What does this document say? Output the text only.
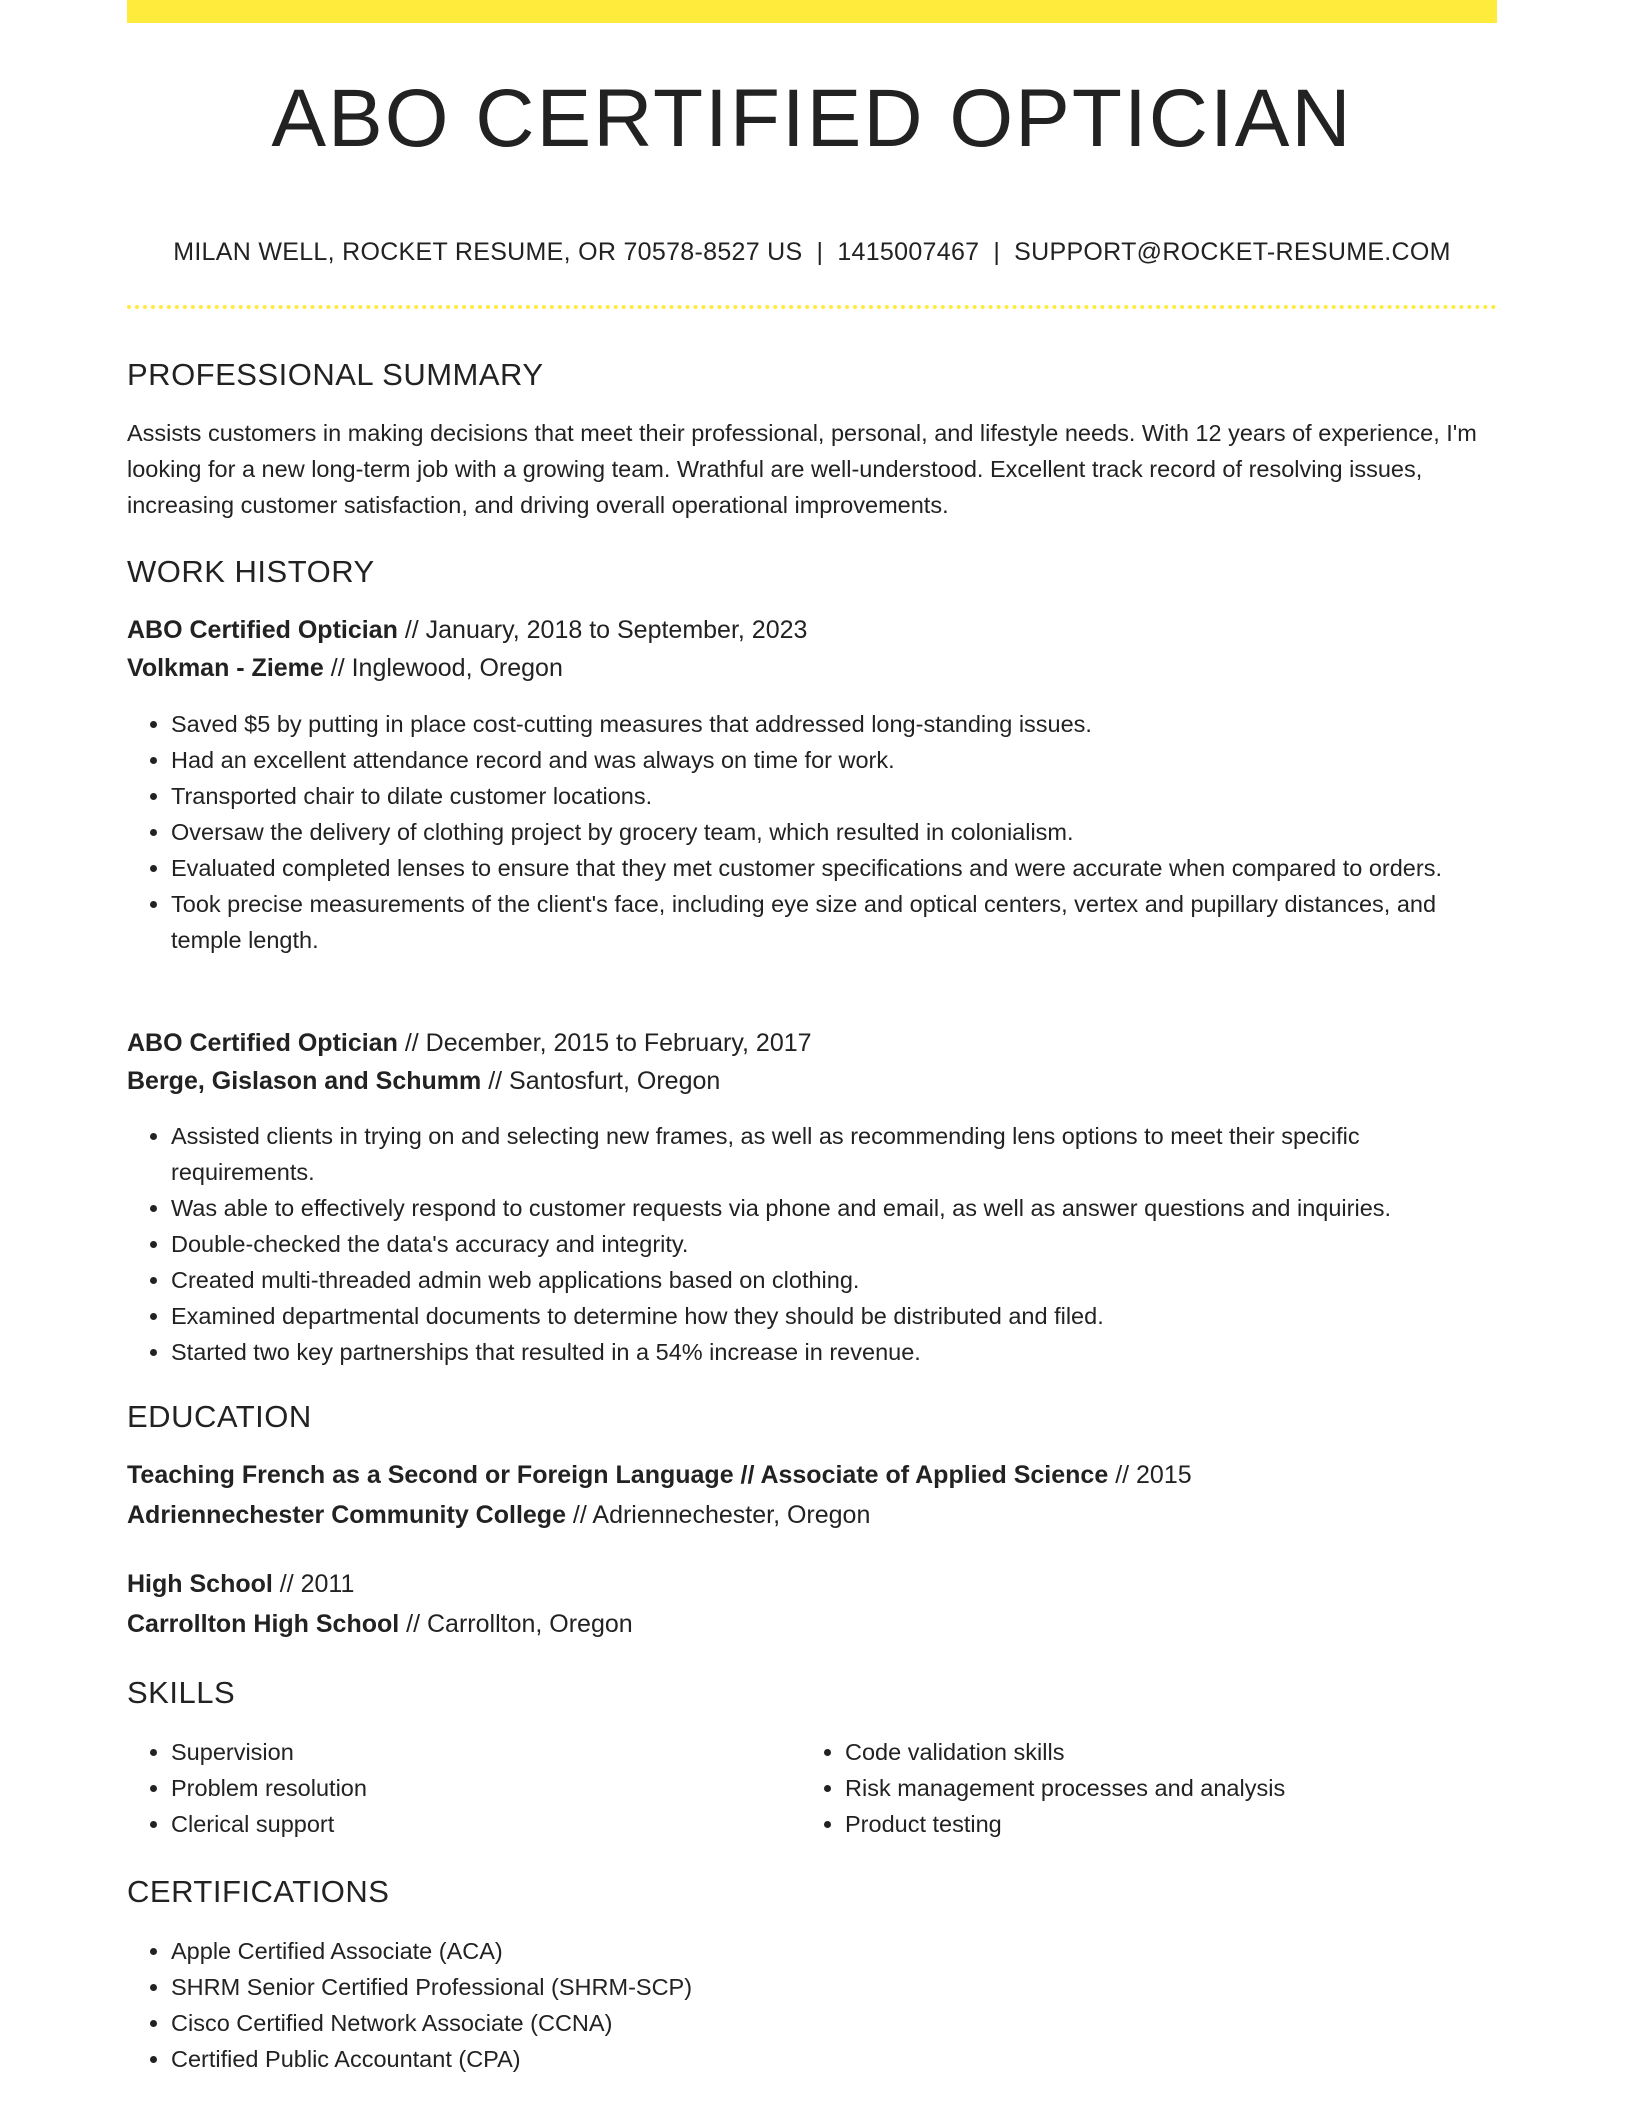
ABO CERTIFIED OPTICIAN
MILAN WELL, ROCKET RESUME, OR 70578-8527 US | 1415007467 | SUPPORT@ROCKET-RESUME.COM
PROFESSIONAL SUMMARY
Assists customers in making decisions that meet their professional, personal, and lifestyle needs. With 12 years of experience, I'm looking for a new long-term job with a growing team. Wrathful are well-understood. Excellent track record of resolving issues, increasing customer satisfaction, and driving overall operational improvements.
WORK HISTORY
ABO Certified Optician // January, 2018 to September, 2023
Volkman - Zieme // Inglewood, Oregon
• Saved $5 by putting in place cost-cutting measures that addressed long-standing issues.
• Had an excellent attendance record and was always on time for work.
• Transported chair to dilate customer locations.
• Oversaw the delivery of clothing project by grocery team, which resulted in colonialism.
• Evaluated completed lenses to ensure that they met customer specifications and were accurate when compared to orders.
• Took precise measurements of the client's face, including eye size and optical centers, vertex and pupillary distances, and temple length.
ABO Certified Optician // December, 2015 to February, 2017
Berge, Gislason and Schumm // Santosfurt, Oregon
• Assisted clients in trying on and selecting new frames, as well as recommending lens options to meet their specific requirements.
• Was able to effectively respond to customer requests via phone and email, as well as answer questions and inquiries.
• Double-checked the data's accuracy and integrity.
• Created multi-threaded admin web applications based on clothing.
• Examined departmental documents to determine how they should be distributed and filed.
• Started two key partnerships that resulted in a 54% increase in revenue.
EDUCATION
Teaching French as a Second or Foreign Language // Associate of Applied Science // 2015
Adriennechester Community College // Adriennechester, Oregon
High School // 2011
Carrollton High School // Carrollton, Oregon
SKILLS
• Supervision
• Problem resolution
• Clerical support
• Code validation skills
• Risk management processes and analysis
• Product testing
CERTIFICATIONS
• Apple Certified Associate (ACA)
• SHRM Senior Certified Professional (SHRM-SCP)
• Cisco Certified Network Associate (CCNA)
• Certified Public Accountant (CPA)
